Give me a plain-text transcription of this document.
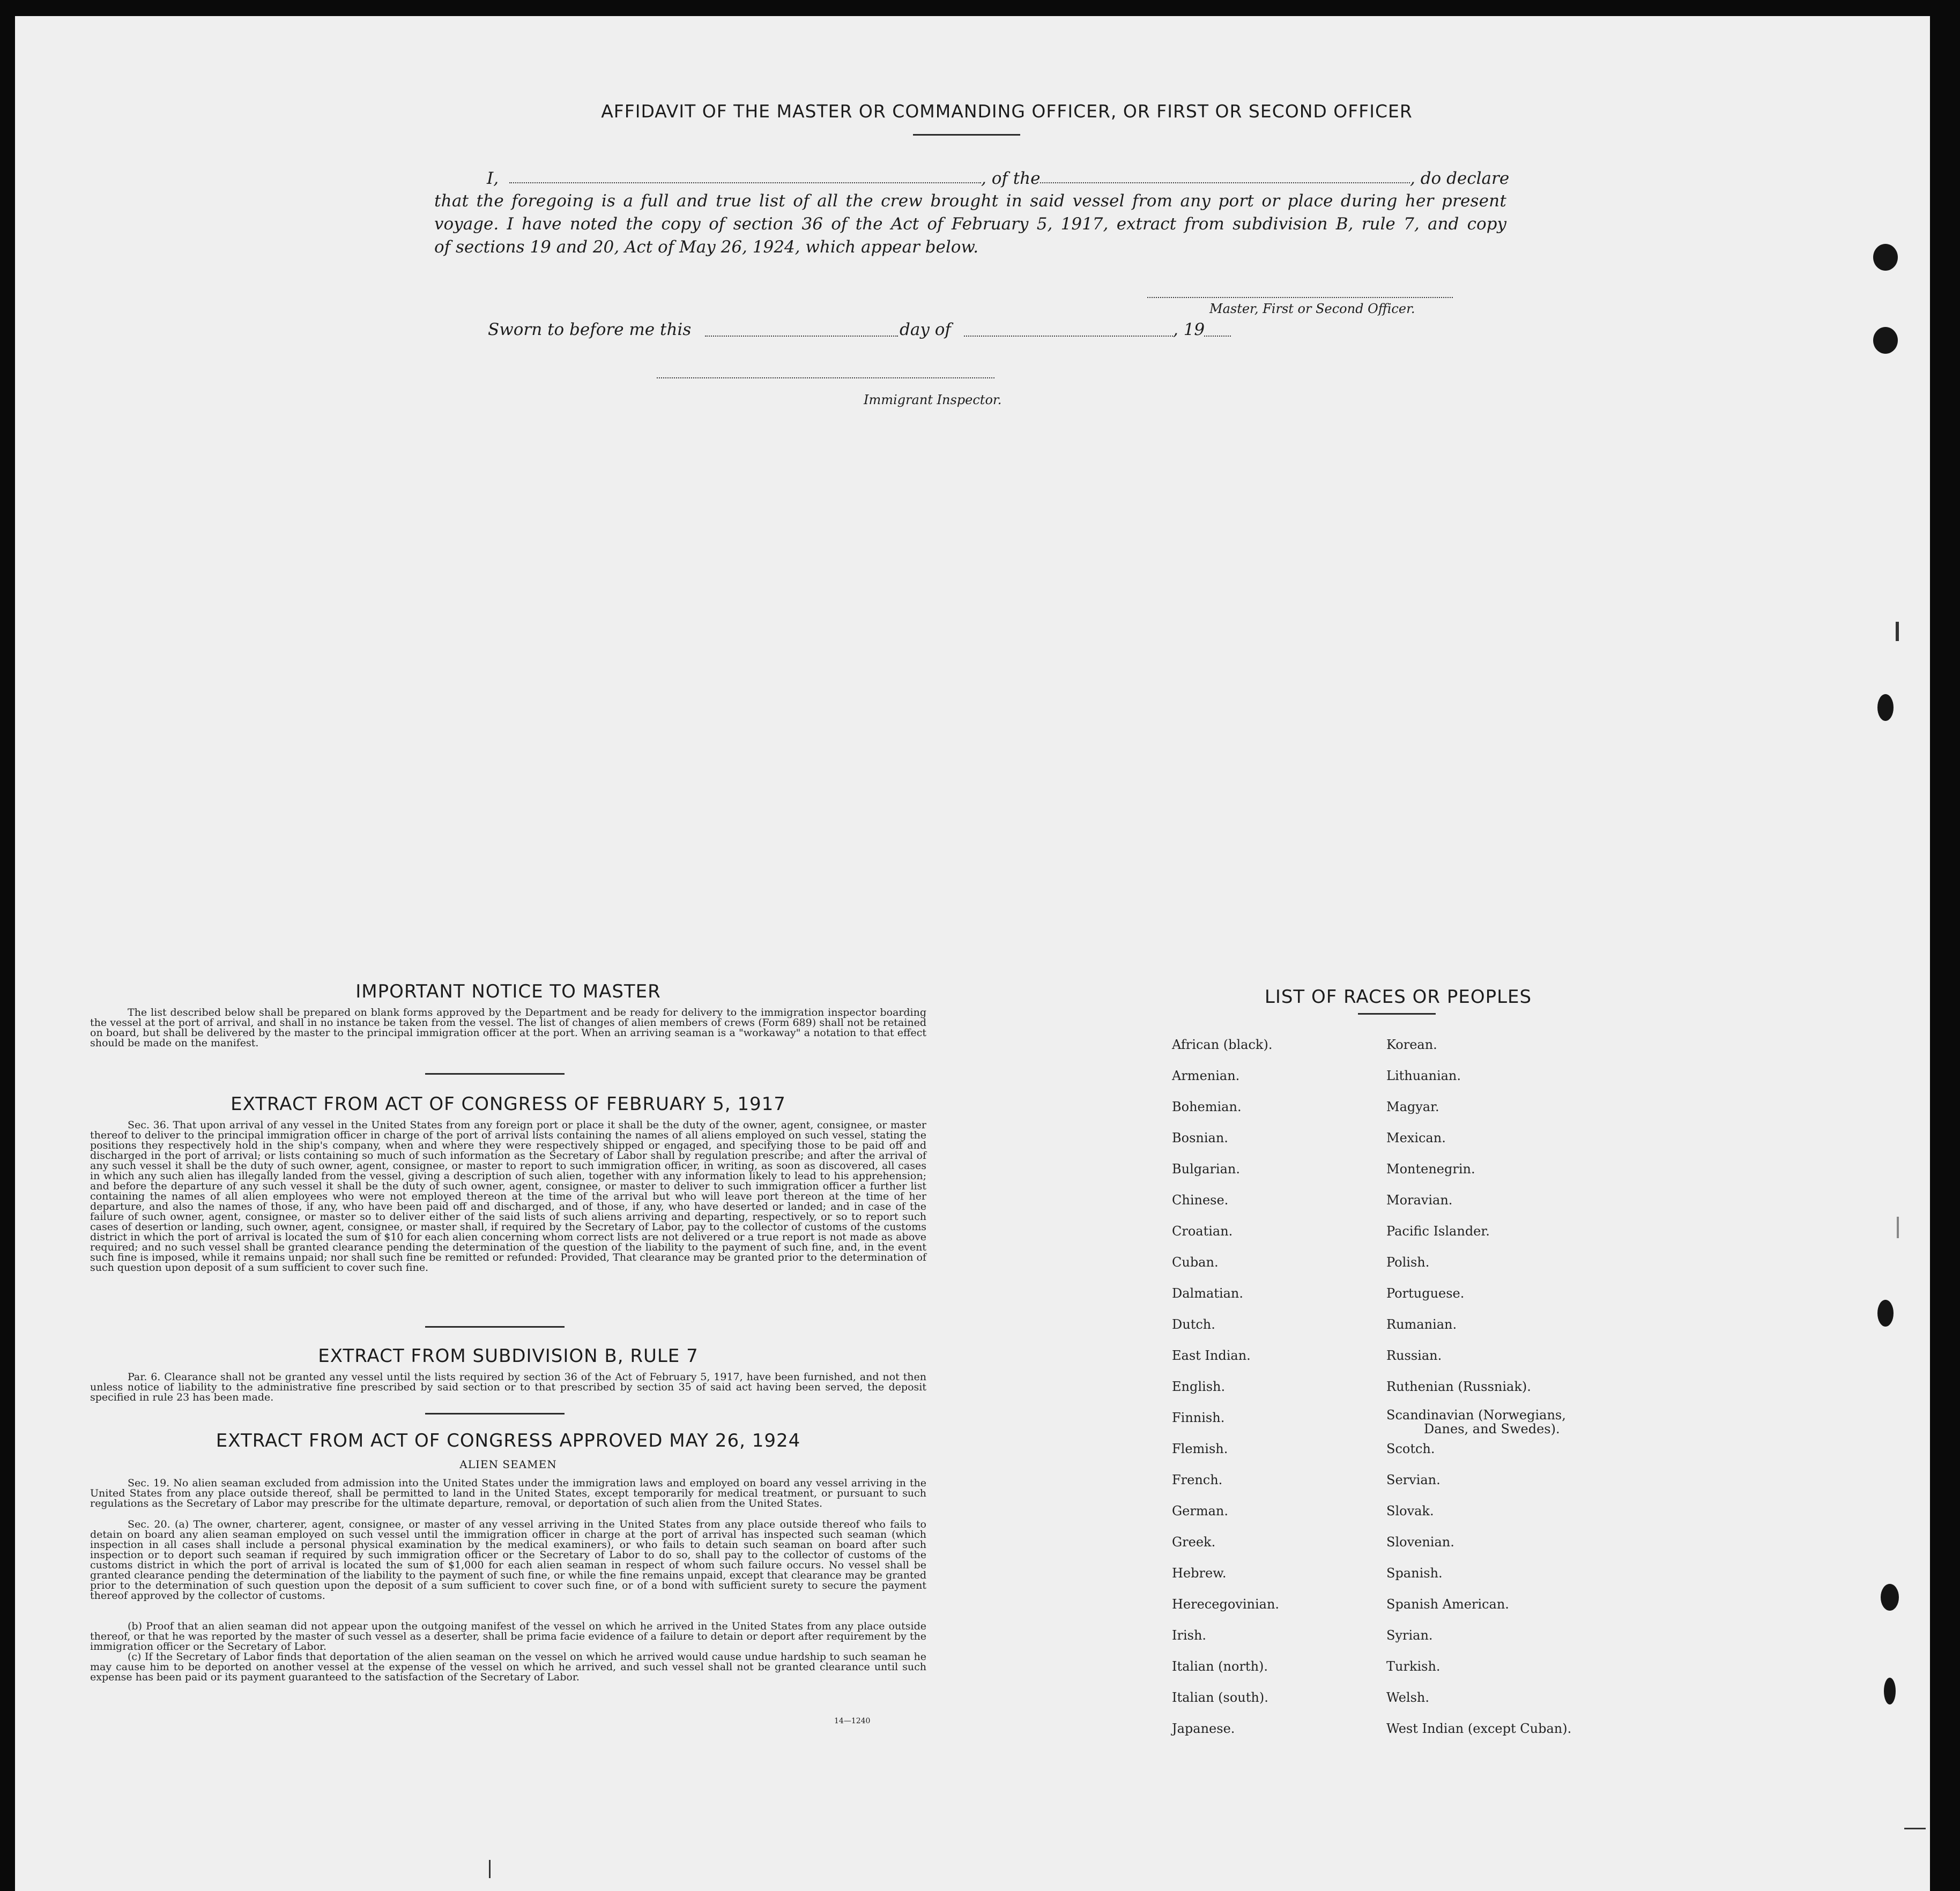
AFFIDAVIT OF THE MASTER OR COMMANDING OFFICER, OR FIRST OR SECOND OFFICER
I,	, of the	, do declare
that the foregoing is a full and true list of all the crew brought in said vessel from any port or place during her present
voyage. I have noted the copy of section 36 of the Act of February 5, 1917, extract from subdivision B, rule 7, and copy
of sections 19 and 20, Act of May 26, 1924, which appear below.
Master, First or Second Officer.
Sworn to before me this	day of	, 19
Immigrant Inspector.
IMPORTANT NOTICE TO MASTER
The list described below shall be prepared on blank forms approved by the Department and be ready for delivery to the immigration inspector boarding the vessel at the port of arrival, and shall in no instance be taken from the vessel. The list of changes of alien members of crews (Form 689) shall not be retained on board, but shall be delivered by the master to the principal immigration officer at the port. When an arriving seaman is a "workaway" a notation to that effect should be made on the manifest.
EXTRACT FROM ACT OF CONGRESS OF FEBRUARY 5, 1917
Sec. 36. That upon arrival of any vessel in the United States from any foreign port or place it shall be the duty of the owner, agent, consignee, or master thereof to deliver to the principal immigration officer in charge of the port of arrival lists containing the names of all aliens employed on such vessel, stating the positions they respectively hold in the ship's company, when and where they were respectively shipped or engaged, and specifying those to be paid off and discharged in the port of arrival; or lists containing so much of such information as the Secretary of Labor shall by regulation prescribe; and after the arrival of any such vessel it shall be the duty of such owner, agent, consignee, or master to report to such immigration officer, in writing, as soon as discovered, all cases in which any such alien has illegally landed from the vessel, giving a description of such alien, together with any information likely to lead to his apprehension; and before the departure of any such vessel it shall be the duty of such owner, agent, consignee, or master to deliver to such immigration officer a further list containing the names of all alien employees who were not employed thereon at the time of the arrival but who will leave port thereon at the time of her departure, and also the names of those, if any, who have been paid off and discharged, and of those, if any, who have deserted or landed; and in case of the failure of such owner, agent, consignee, or master so to deliver either of the said lists of such aliens arriving and departing, respectively, or so to report such cases of desertion or landing, such owner, agent, consignee, or master shall, if required by the Secretary of Labor, pay to the collector of customs of the customs district in which the port of arrival is located the sum of $10 for each alien concerning whom correct lists are not delivered or a true report is not made as above required; and no such vessel shall be granted clearance pending the determination of the question of the liability to the payment of such fine, and, in the event such fine is imposed, while it remains unpaid; nor shall such fine be remitted or refunded: Provided, That clearance may be granted prior to the determination of such question upon deposit of a sum sufficient to cover such fine.
EXTRACT FROM SUBDIVISION B, RULE 7
Par. 6. Clearance shall not be granted any vessel until the lists required by section 36 of the Act of February 5, 1917, have been furnished, and not then unless notice of liability to the administrative fine prescribed by said section or to that prescribed by section 35 of said act having been served, the deposit specified in rule 23 has been made.
EXTRACT FROM ACT OF CONGRESS APPROVED MAY 26, 1924
ALIEN SEAMEN
Sec. 19. No alien seaman excluded from admission into the United States under the immigration laws and employed on board any vessel arriving in the United States from any place outside thereof, shall be permitted to land in the United States, except temporarily for medical treatment, or pursuant to such regulations as the Secretary of Labor may prescribe for the ultimate departure, removal, or deportation of such alien from the United States.
Sec. 20. (a) The owner, charterer, agent, consignee, or master of any vessel arriving in the United States from any place outside thereof who fails to detain on board any alien seaman employed on such vessel until the immigration officer in charge at the port of arrival has inspected such seaman (which inspection in all cases shall include a personal physical examination by the medical examiners), or who fails to detain such seaman on board after such inspection or to deport such seaman if required by such immigration officer or the Secretary of Labor to do so, shall pay to the collector of customs of the customs district in which the port of arrival is located the sum of $1,000 for each alien seaman in respect of whom such failure occurs. No vessel shall be granted clearance pending the determination of the liability to the payment of such fine, or while the fine remains unpaid, except that clearance may be granted prior to the determination of such question upon the deposit of a sum sufficient to cover such fine, or of a bond with sufficient surety to secure the payment thereof approved by the collector of customs.
(b) Proof that an alien seaman did not appear upon the outgoing manifest of the vessel on which he arrived in the United States from any place outside thereof, or that he was reported by the master of such vessel as a deserter, shall be prima facie evidence of a failure to detain or deport after requirement by the immigration officer or the Secretary of Labor.
(c) If the Secretary of Labor finds that deportation of the alien seaman on the vessel on which he arrived would cause undue hardship to such seaman he may cause him to be deported on another vessel at the expense of the vessel on which he arrived, and such vessel shall not be granted clearance until such expense has been paid or its payment guaranteed to the satisfaction of the Secretary of Labor.
14—1240
LIST OF RACES OR PEOPLES
African (black).
Armenian.
Bohemian.
Bosnian.
Bulgarian.
Chinese.
Croatian.
Cuban.
Dalmatian.
Dutch.
East Indian.
English.
Finnish.
Flemish.
French.
German.
Greek.
Hebrew.
Herecegovinian.
Irish.
Italian (north).
Italian (south).
Japanese.
Korean.
Lithuanian.
Magyar.
Mexican.
Montenegrin.
Moravian.
Pacific Islander.
Polish.
Portuguese.
Rumanian.
Russian.
Ruthenian (Russniak).
Scandinavian (Norwegians,
Danes, and Swedes).
Scotch.
Servian.
Slovak.
Slovenian.
Spanish.
Spanish American.
Syrian.
Turkish.
Welsh.
West Indian (except Cuban).
